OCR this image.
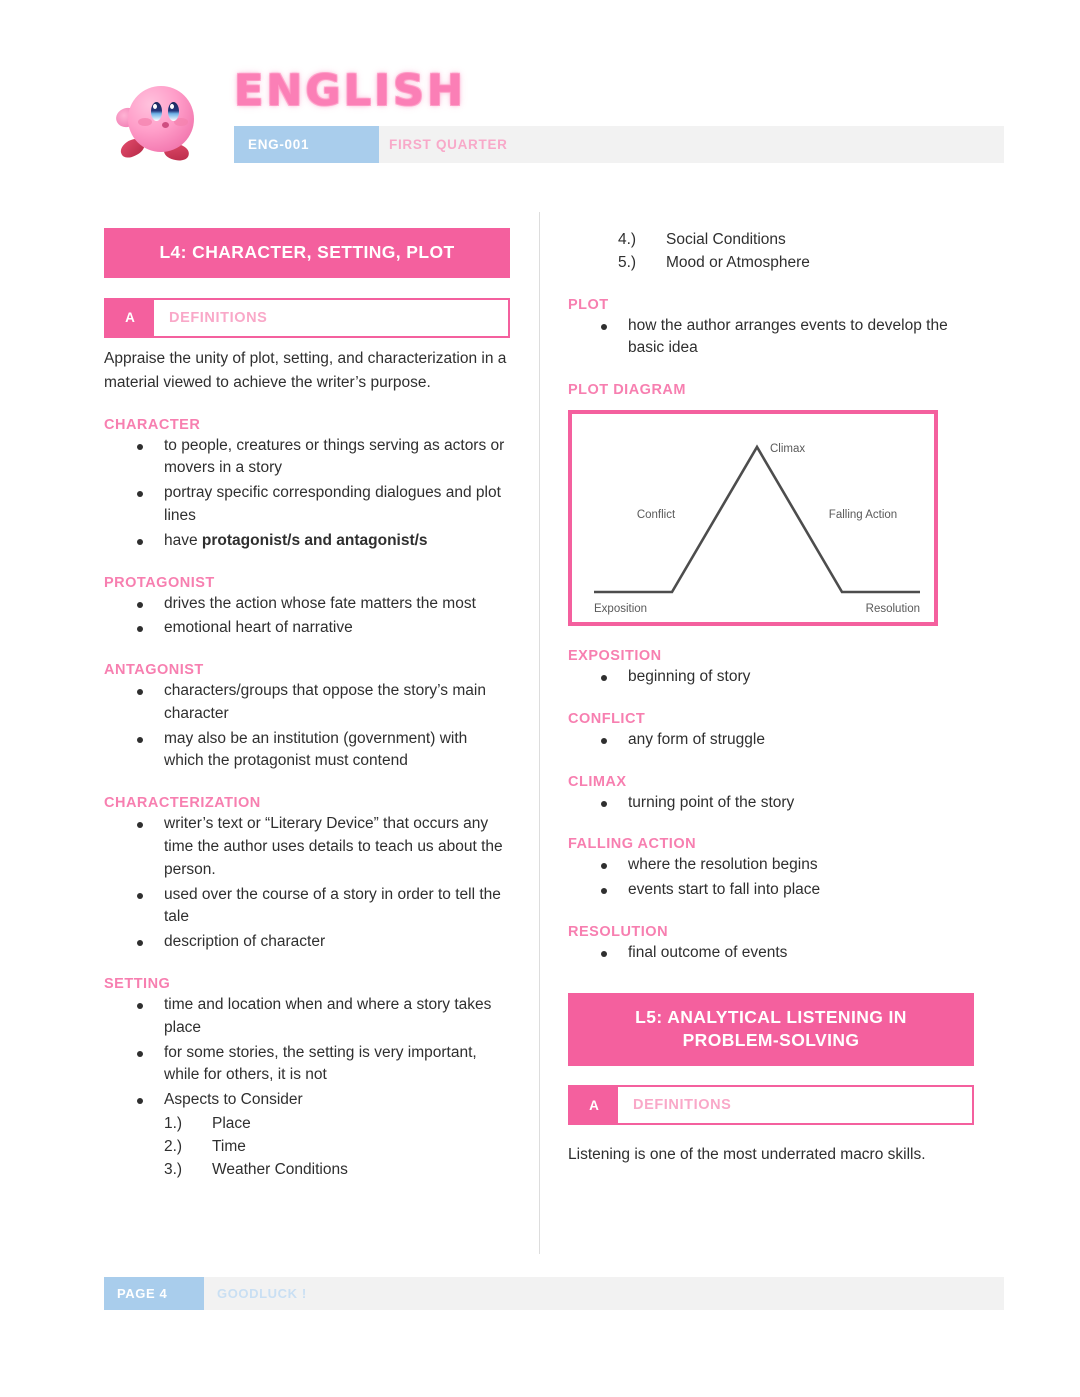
ENGLISH
ENG-001	FIRST QUARTER
L4: CHARACTER, SETTING, PLOT
A	DEFINITIONS
Appraise the unity of plot, setting, and characterization in a material viewed to achieve the writer’s purpose.
CHARACTER
to people, creatures or things serving as actors or movers in a story
portray specific corresponding dialogues and plot lines
have protagonist/s and antagonist/s
PROTAGONIST
drives the action whose fate matters the most
emotional heart of narrative
ANTAGONIST
characters/groups that oppose the story’s main character
may also be an institution (government) with which the protagonist must contend
CHARACTERIZATION
writer’s text or “Literary Device” that occurs any time the author uses details to teach us about the person.
used over the course of a story in order to tell the tale
description of character
SETTING
time and location when and where a story takes place
for some stories, the setting is very important, while for others, it is not
Aspects to Consider
1.)	Place
2.)	Time
3.)	Weather Conditions
4.)	Social Conditions
5.)	Mood or Atmosphere
PLOT
how the author arranges events to develop the basic idea
PLOT DIAGRAM
Exposition
Conflict
Climax
Falling Action
Resolution
EXPOSITION
beginning of story
CONFLICT
any form of struggle
CLIMAX
turning point of the story
FALLING ACTION
where the resolution begins
events start to fall into place
RESOLUTION
final outcome of events
L5: ANALYTICAL LISTENING IN
PROBLEM-SOLVING
A	DEFINITIONS
Listening is one of the most underrated macro skills.
PAGE 4	GOODLUCK !
